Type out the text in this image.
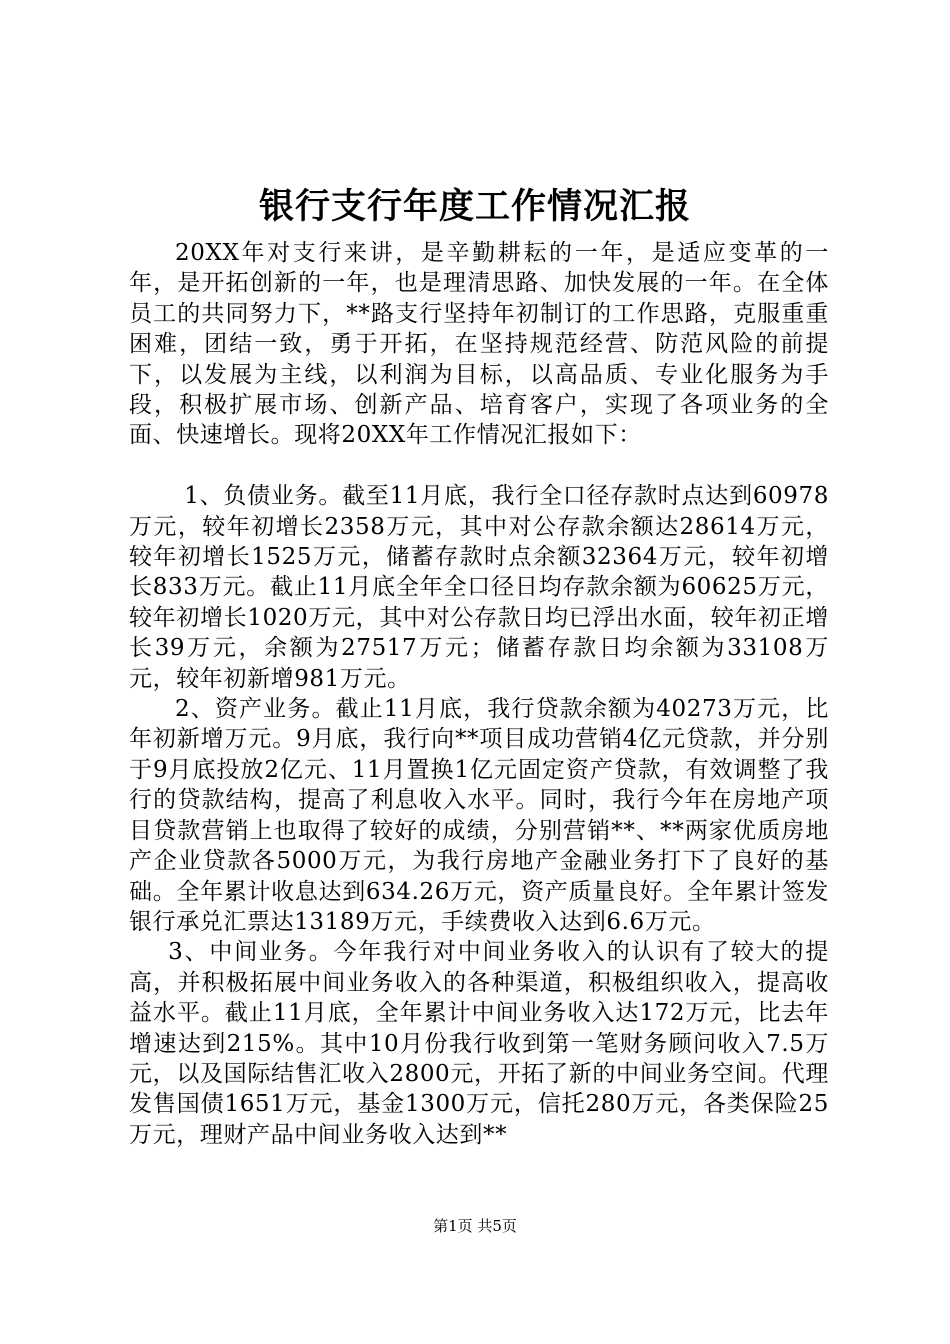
银行支行年度工作情况汇报

20XX年对支行来讲，是辛勤耕耘的一年，是适应变革的一年，是开拓创新的一年，也是理清思路、加快发展的一年。在全体员工的共同努力下，**路支行坚持年初制订的工作思路，克服重重困难，团结一致，勇于开拓，在坚持规范经营、防范风险的前提下，以发展为主线，以利润为目标，以高品质、专业化服务为手段，积极扩展市场、创新产品、培育客户，实现了各项业务的全面、快速增长。现将20XX年工作情况汇报如下：

1、负债业务。截至11月底，我行全口径存款时点达到60978万元，较年初增长2358万元，其中对公存款余额达28614万元，较年初增长1525万元，储蓄存款时点余额32364万元，较年初增长833万元。截止11月底全年全口径日均存款余额为60625万元，较年初增长1020万元，其中对公存款日均已浮出水面，较年初正增长39万元，余额为27517万元；储蓄存款日均余额为33108万元，较年初新增981万元。

2、资产业务。截止11月底，我行贷款余额为40273万元，比年初新增万元。9月底，我行向**项目成功营销4亿元贷款，并分别于9月底投放2亿元、11月置换1亿元固定资产贷款，有效调整了我行的贷款结构，提高了利息收入水平。同时，我行今年在房地产项目贷款营销上也取得了较好的成绩，分别营销**、**两家优质房地产企业贷款各5000万元，为我行房地产金融业务打下了良好的基础。全年累计收息达到634.26万元，资产质量良好。全年累计签发银行承兑汇票达13189万元，手续费收入达到6.6万元。

3、中间业务。今年我行对中间业务收入的认识有了较大的提高，并积极拓展中间业务收入的各种渠道，积极组织收入，提高收益水平。截止11月底，全年累计中间业务收入达172万元，比去年增速达到215%。其中10月份我行收到第一笔财务顾问收入7.5万元，以及国际结售汇收入2800元，开拓了新的中间业务空间。代理发售国债1651万元，基金1300万元，信托280万元，各类保险25万元，理财产品中间业务收入达到**

第1页 共5页
